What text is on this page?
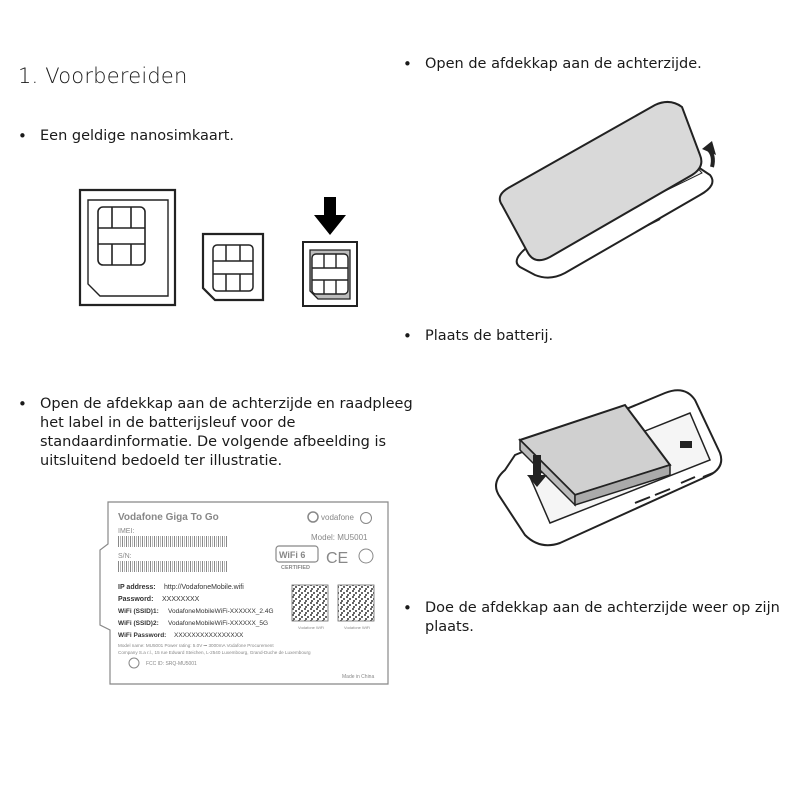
1. Voorbereiden
• Een geldige nanosimkaart.
• Open de afdekkap aan de achterzijde en raadpleeg het label in de batterijsleuf voor de standaardinformatie. De volgende afbeelding is uitsluitend bedoeld ter illustratie.
• Open de afdekkap aan de achterzijde.
• Plaats de batterij.
• Doe de afdekkap aan de achterzijde weer op zijn plaats.
Vodafone Giga To Go	vodafone
IMEI:
Model: MU5001
S/N:	WiFi 6
CERTIFIED
CE
IP address: http://VodafoneMobile.wifi
Password: XXXXXXXX
WiFi (SSID)1: VodafoneMobileWiFi-XXXXXX_2.4G
WiFi (SSID)2: VodafoneMobileWiFi-XXXXXX_5G
WiFi Password: XXXXXXXXXXXXXXXX
Vodafone WiFi	Vodafone WiFi
Model name: MU5001 Power rating: 5.0V ⎓ 3000mA Vodafone Procurement
Company S.a r.l., 15 rue Edward Steichen, L-2540 Luxembourg, Grand-Duche de Luxembourg
FCC ID: SRQ-MU5001
Made in China
